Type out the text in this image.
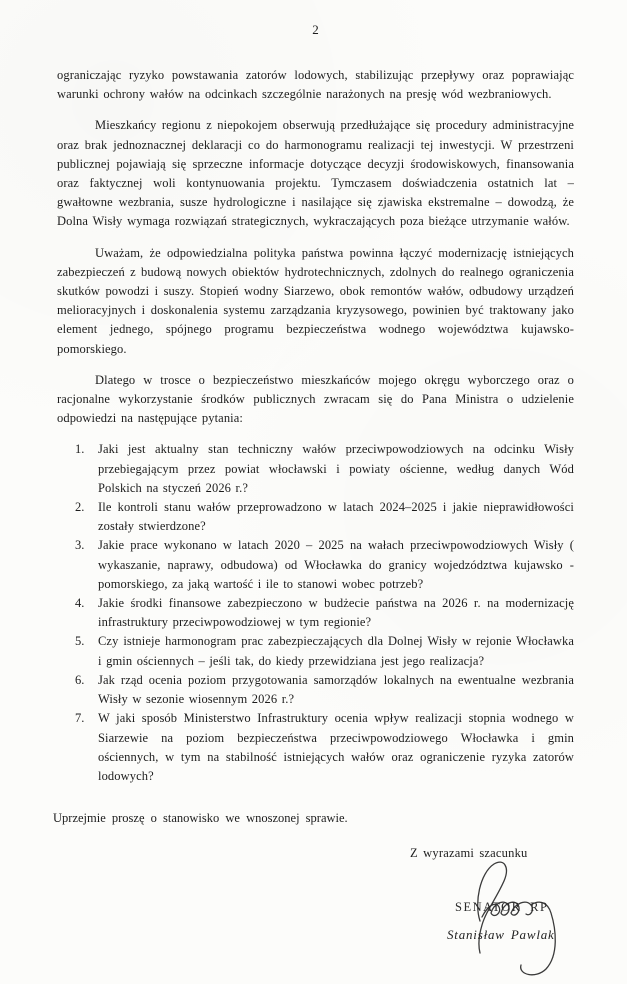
2

ograniczając ryzyko powstawania zatorów lodowych, stabilizując przepływy oraz poprawiając warunki ochrony wałów na odcinkach szczególnie narażonych na presję wód wezbraniowych.

Mieszkańcy regionu z niepokojem obserwują przedłużające się procedury administracyjne oraz brak jednoznacznej deklaracji co do harmonogramu realizacji tej inwestycji. W przestrzeni publicznej pojawiają się sprzeczne informacje dotyczące decyzji środowiskowych, finansowania oraz faktycznej woli kontynuowania projektu. Tymczasem doświadczenia ostatnich lat – gwałtowne wezbrania, susze hydrologiczne i nasilające się zjawiska ekstremalne – dowodzą, że Dolna Wisły wymaga rozwiązań strategicznych, wykraczających poza bieżące utrzymanie wałów.

Uważam, że odpowiedzialna polityka państwa powinna łączyć modernizację istniejących zabezpieczeń z budową nowych obiektów hydrotechnicznych, zdolnych do realnego ograniczenia skutków powodzi i suszy. Stopień wodny Siarzewo, obok remontów wałów, odbudowy urządzeń melioracyjnych i doskonalenia systemu zarządzania kryzysowego, powinien być traktowany jako element jednego, spójnego programu bezpieczeństwa wodnego województwa kujawsko-pomorskiego.

Dlatego w trosce o bezpieczeństwo mieszkańców mojego okręgu wyborczego oraz o racjonalne wykorzystanie środków publicznych zwracam się do Pana Ministra o udzielenie odpowiedzi na następujące pytania:

1.	Jaki jest aktualny stan techniczny wałów przeciwpowodziowych na odcinku Wisły przebiegającym przez powiat włocławski i powiaty ościenne, według danych Wód Polskich na styczeń 2026 r.?
2.	Ile kontroli stanu wałów przeprowadzono w latach 2024–2025 i jakie nieprawidłowości zostały stwierdzone?
3.	Jakie prace wykonano w latach 2020 – 2025 na wałach przeciwpowodziowych Wisły ( wykaszanie, naprawy, odbudowa) od Włocławka do granicy wojedzództwa kujawsko - pomorskiego, za jaką wartość i ile to stanowi wobec potrzeb?
4.	Jakie środki finansowe zabezpieczono w budżecie państwa na 2026 r. na modernizację infrastruktury przeciwpowodziowej w tym regionie?
5.	Czy istnieje harmonogram prac zabezpieczających dla Dolnej Wisły w rejonie Włocławka i gmin ościennych – jeśli tak, do kiedy przewidziana jest jego realizacja?
6.	Jak rząd ocenia poziom przygotowania samorządów lokalnych na ewentualne wezbrania Wisły w sezonie wiosennym 2026 r.?
7.	W jaki sposób Ministerstwo Infrastruktury ocenia wpływ realizacji stopnia wodnego w Siarzewie na poziom bezpieczeństwa przeciwpowodziowego Włocławka i gmin ościennych, w tym na stabilność istniejących wałów oraz ograniczenie ryzyka zatorów lodowych?
Uprzejmie proszę o stanowisko we wnoszonej sprawie.
Z wyrazami szacunku
SENATOR RP
Stanisław Pawlak
